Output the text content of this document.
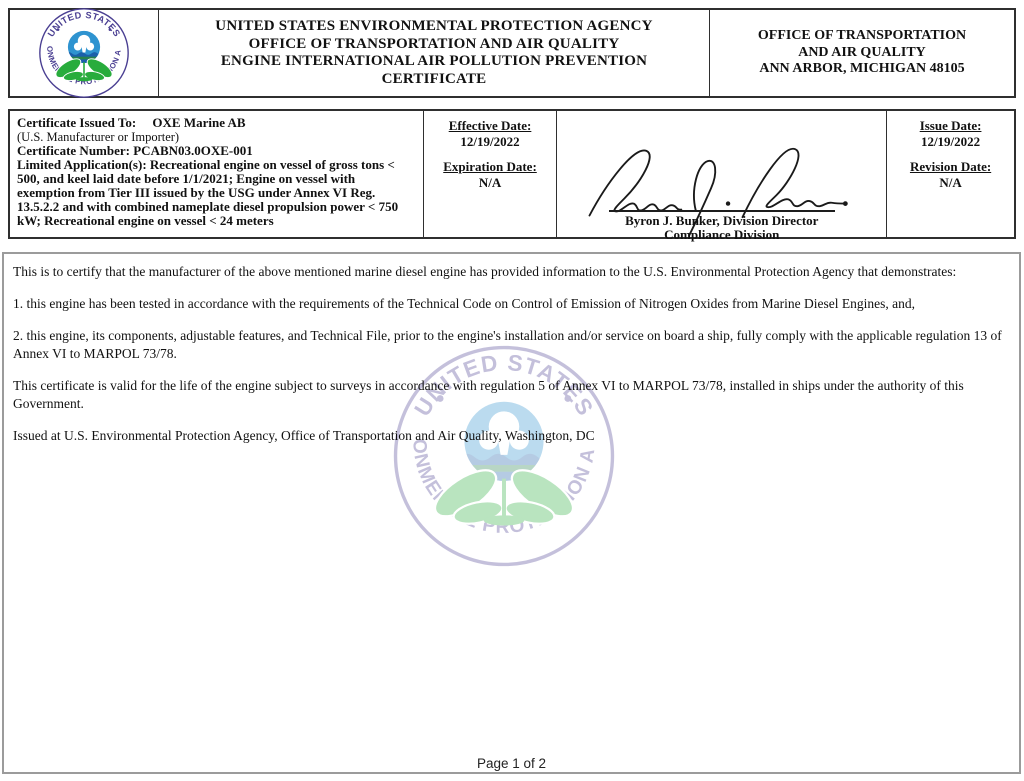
UNITED STATES ENVIRONMENTAL PROTECTION AGENCY
OFFICE OF TRANSPORTATION AND AIR QUALITY
ENGINE INTERNATIONAL AIR POLLUTION PREVENTION
CERTIFICATE
OFFICE OF TRANSPORTATION
AND AIR QUALITY
ANN ARBOR, MICHIGAN 48105

Certificate Issued To: OXE Marine AB

(U.S. Manufacturer or Importer)

Certificate Number: PCABN03.0OXE-001

Limited Application(s): Recreational engine on vessel of gross tons < 500, and keel laid date before 1/1/2021; Engine on vessel with exemption from Tier III issued by the USG under Annex VI Reg. 13.5.2.2 and with combined nameplate diesel propulsion power < 750 kW; Recreational engine on vessel < 24 meters

Effective Date:
12/19/2022
Expiration Date:
N/A
Byron J. Bunker, Division Director
Compliance Division
Issue Date:
12/19/2022
Revision Date:
N/A

This is to certify that the manufacturer of the above mentioned marine diesel engine has provided information to the U.S. Environmental Protection Agency that demonstrates:

1. this engine has been tested in accordance with the requirements of the Technical Code on Control of Emission of Nitrogen Oxides from Marine Diesel Engines, and,

2. this engine, its components, adjustable features, and Technical File, prior to the engine's installation and/or service on board a ship, fully comply with the applicable regulation 13 of Annex VI to MARPOL 73/78.

This certificate is valid for the life of the engine subject to surveys in accordance with regulation 5 of Annex VI to MARPOL 73/78, installed in ships under the authority of this Government.

Issued at U.S. Environmental Protection Agency, Office of Transportation and Air Quality, Washington, DC

Page 1 of 2
